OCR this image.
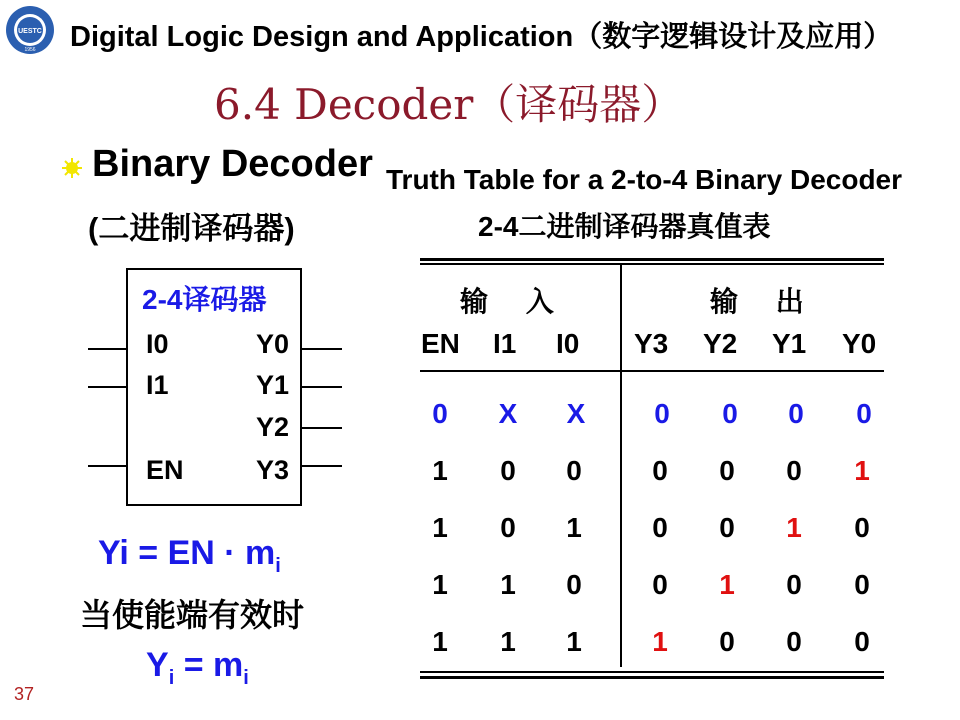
UESTC
1956 Digital Logic Design and Application（数字逻辑设计及应用）
6.4 Decoder（译码器）
Binary Decoder
(二进制译码器)
Truth Table for a 2-to-4 Binary Decoder
2-4二进制译码器真值表
2-4译码器
I0
I1
EN
Y0
Y1
Y2
Y3
Yi = EN · $m_i$
当使能端有效时
$Y_i = m_i$
37
输 入	输 出
EN I1 I0 Y3 Y2 Y1 Y0
0	X	X	0	0	0	0
1	0	0	0	0	0	1
1	0	1	0	0	1	0
1	1	0	0	1	0	0
1	1	1	1	0	0	0
